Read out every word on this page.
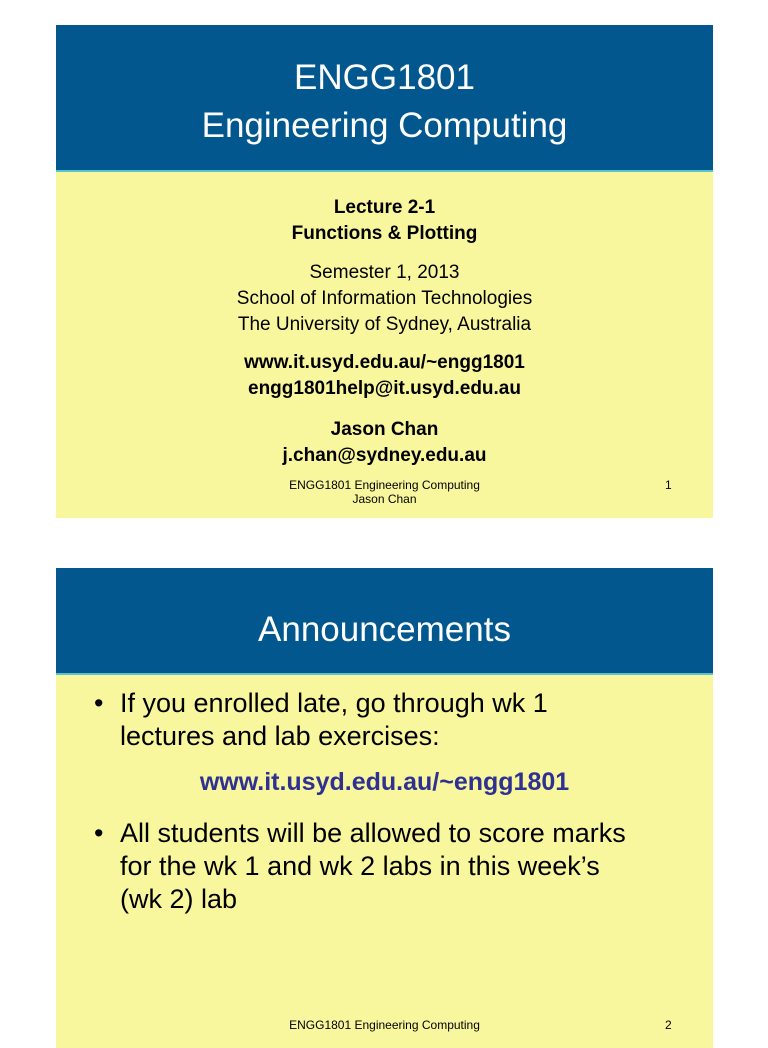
ENGG1801
Engineering Computing
Lecture 2-1
Functions & Plotting
Semester 1, 2013
School of Information Technologies
The University of Sydney, Australia
www.it.usyd.edu.au/~engg1801
engg1801help@it.usyd.edu.au
Jason Chan
j.chan@sydney.edu.au
ENGG1801 Engineering Computing
Jason Chan
1
Announcements
• If you enrolled late, go through wk 1
lectures and lab exercises:
www.it.usyd.edu.au/~engg1801
• All students will be allowed to score marks
for the wk 1 and wk 2 labs in this week’s
(wk 2) lab
ENGG1801 Engineering Computing	2
